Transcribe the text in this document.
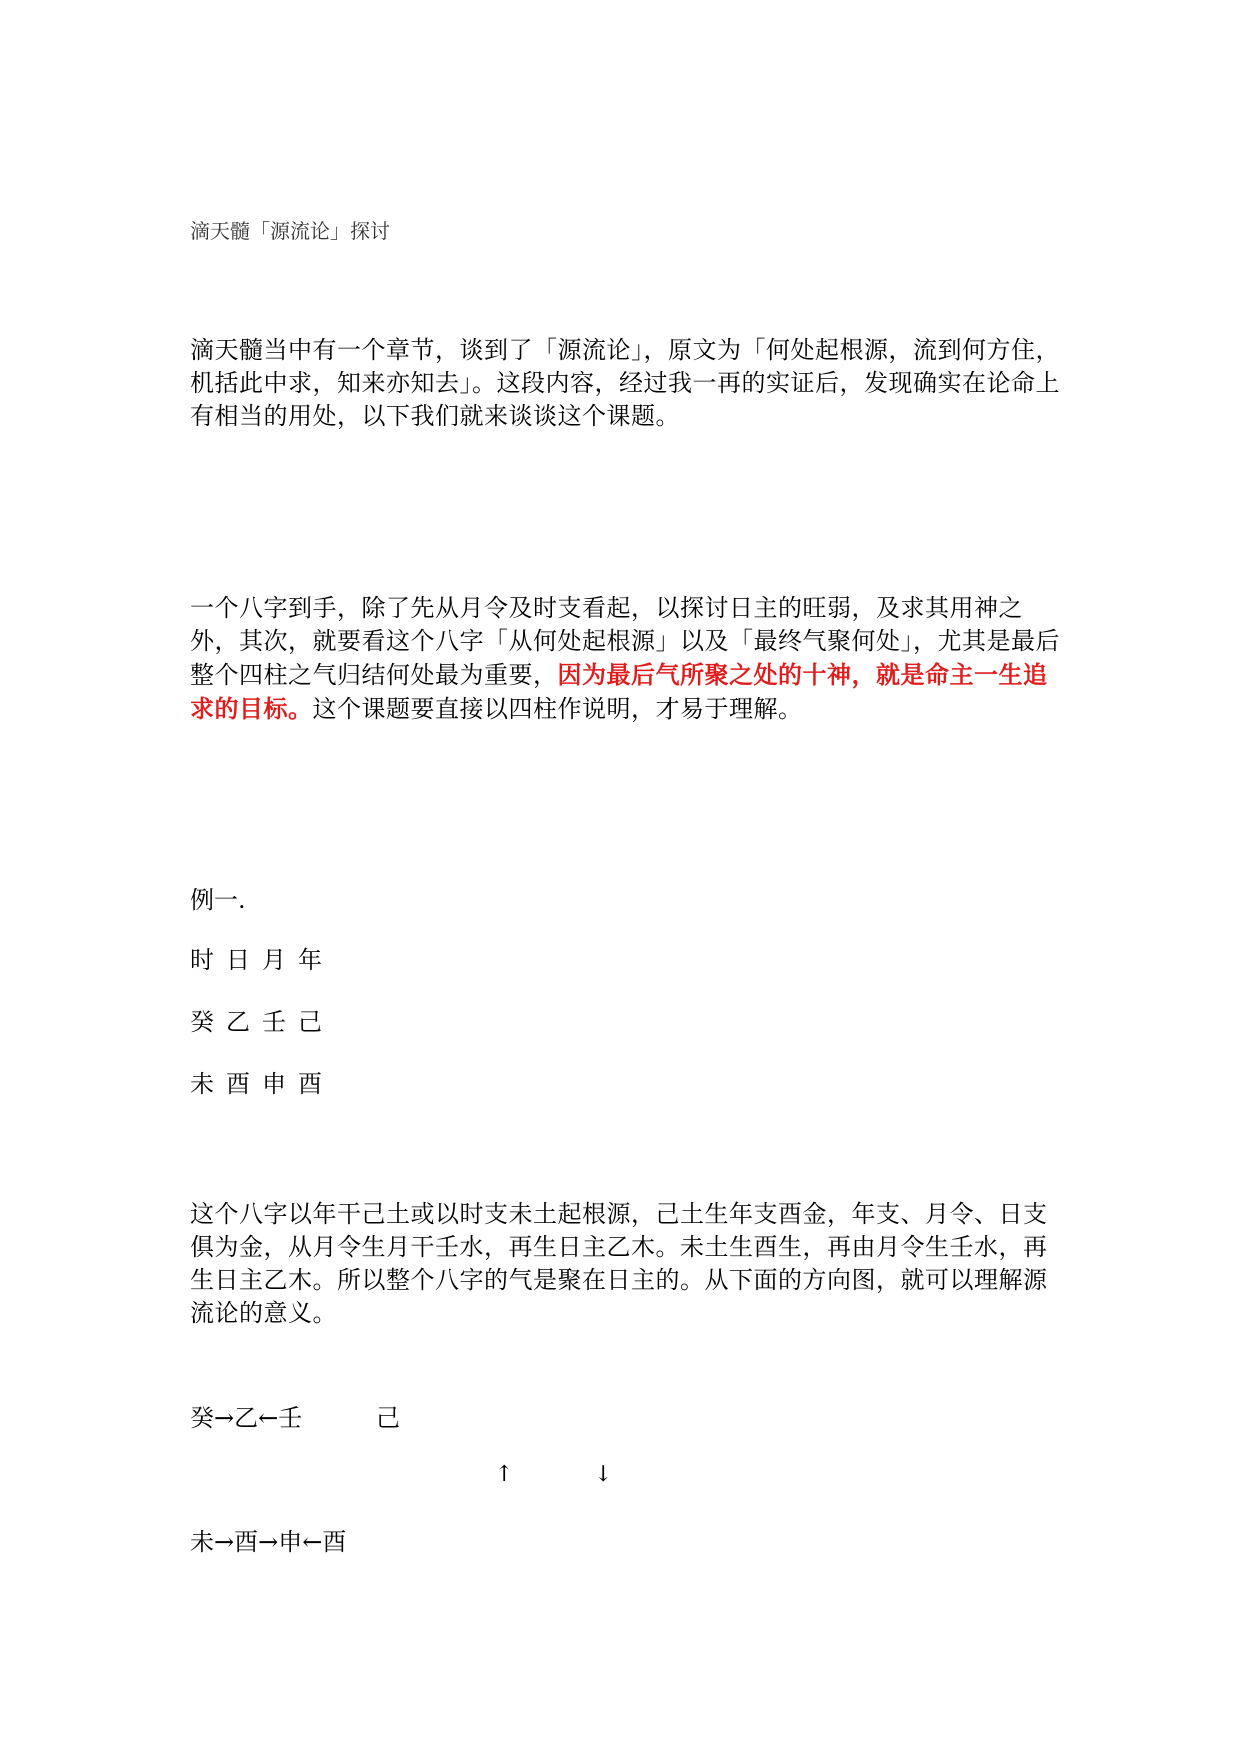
滴天髓「源流论」探讨
滴天髓当中有一个章节，谈到了「源流论」，原文为「何处起根源，流到何方住，机括此中求，知来亦知去」。这段内容，经过我一再的实证后，发现确实在论命上有相当的用处，以下我们就来谈谈这个课题。
一个八字到手，除了先从月令及时支看起，以探讨日主的旺弱，及求其用神之外，其次，就要看这个八字「从何处起根源」以及「最终气聚何处」，尤其是最后整个四柱之气归结何处最为重要，因为最后气所聚之处的十神，就是命主一生追求的目标。这个课题要直接以四柱作说明，才易于理解。
例一.
时 日 月 年
癸 乙 壬 己
未 酉 申 酉
这个八字以年干己土或以时支未土起根源，己土生年支酉金，年支、月令、日支俱为金，从月令生月干壬水，再生日主乙木。未土生酉生，再由月令生壬水，再生日主乙木。所以整个八字的气是聚在日主的。从下面的方向图，就可以理解源流论的意义。
癸→乙←壬	己
↑	↓
未→酉→申←酉
